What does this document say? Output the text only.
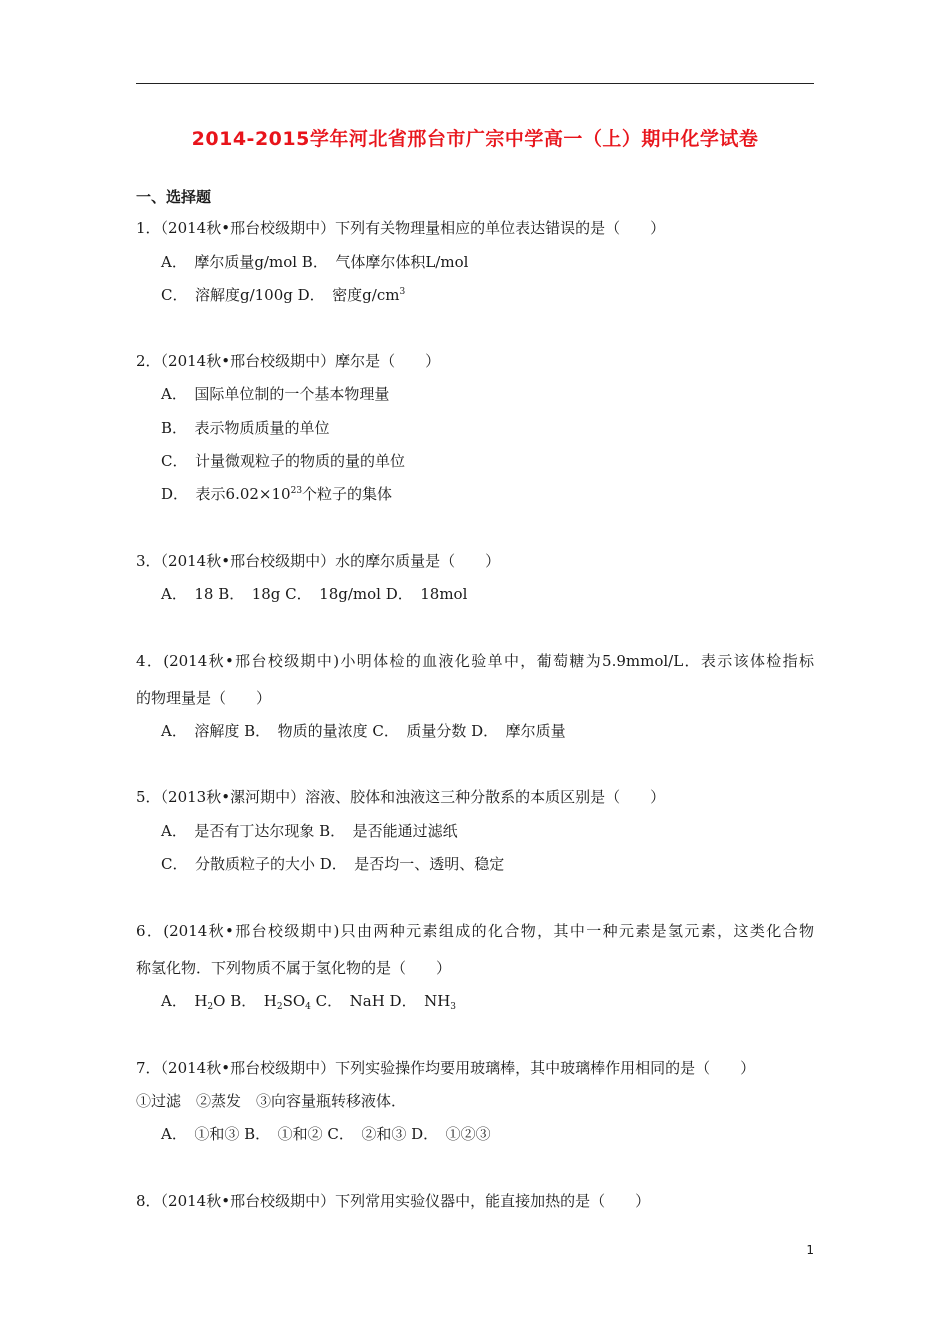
2014-2015学年河北省邢台市广宗中学高一（上）期中化学试卷
一、选择题
1．（2014秋•邢台校级期中）下列有关物理量相应的单位表达错误的是（　　）
A．　摩尔质量g/mol B．　气体摩尔体积L/mol
C．　溶解度g/100g D．　密度$g/cm^3$
2．（2014秋•邢台校级期中）摩尔是（　　）
A．　国际单位制的一个基本物理量
B．　表示物质质量的单位
C．　计量微观粒子的物质的量的单位
D．　表示$6.02\times 10^{23}$个粒子的集体
3．（2014秋•邢台校级期中）水的摩尔质量是（　　）
A．　18 B．　18g C．　18g/mol D．　18mol
4．(2014秋•邢台校级期中)小明体检的血液化验单中，葡萄糖为5.9mmol/L．表示该体检指标
的物理量是（　　）
A．　溶解度 B．　物质的量浓度 C．　质量分数 D．　摩尔质量
5．（2013秋•漯河期中）溶液、胶体和浊液这三种分散系的本质区别是（　　）
A．　是否有丁达尔现象 B．　是否能通过滤纸
C．　分散质粒子的大小 D．　是否均一、透明、稳定
6．(2014秋•邢台校级期中)只由两种元素组成的化合物，其中一种元素是氢元素，这类化合物
称氢化物．下列物质不属于氢化物的是（　　）
A．　$H_2O$ B．　$H_2SO_4$ C．　NaH D．　$NH_3$
7．（2014秋•邢台校级期中）下列实验操作均要用玻璃棒，其中玻璃棒作用相同的是（　　）
①过滤　②蒸发　③向容量瓶转移液体．
A．　①和③ B．　①和② C．　②和③ D．　①②③
8．（2014秋•邢台校级期中）下列常用实验仪器中，能直接加热的是（　　）
1
